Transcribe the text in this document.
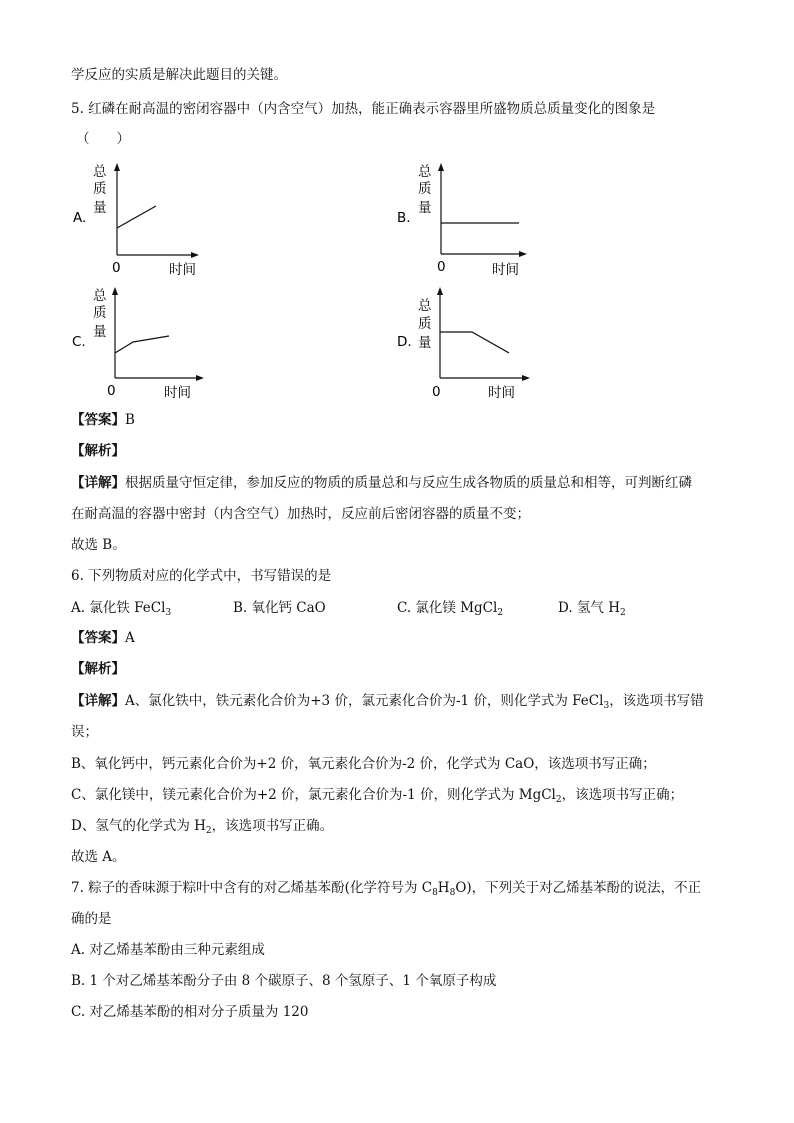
学反应的实质是解决此题目的关键。
5. 红磷在耐高温的密闭容器中（内含空气）加热，能正确表示容器里所盛物质总质量变化的图象是
（　　）
A.
总
质
量
0	时间
B.
总
质
量
0	时间
C.
总
质
量
0	时间
D.
总
质
量
0	时间
【答案】B
【解析】
【详解】根据质量守恒定律，参加反应的物质的质量总和与反应生成各物质的质量总和相等，可判断红磷
在耐高温的容器中密封（内含空气）加热时，反应前后密闭容器的质量不变；
故选 B。
6. 下列物质对应的化学式中，书写错误的是
A. 氯化铁 FeCl$_3$	B. 氧化钙 CaO	C. 氯化镁 MgCl$_2$	D. 氢气 $H_2$
【答案】A
【解析】
【详解】A、氯化铁中，铁元素化合价为+3 价，氯元素化合价为-1 价，则化学式为 FeCl$_3$，该选项书写错
误；
B、氧化钙中，钙元素化合价为+2 价，氧元素化合价为-2 价，化学式为 CaO，该选项书写正确；
C、氯化镁中，镁元素化合价为+2 价，氯元素化合价为-1 价，则化学式为 MgCl$_2$，该选项书写正确；
D、氢气的化学式为 $H_2$，该选项书写正确。
故选 A。
7. 粽子的香味源于粽叶中含有的对乙烯基苯酚(化学符号为 $C_8H_8O$)，下列关于对乙烯基苯酚的说法，不正
确的是
A. 对乙烯基苯酚由三种元素组成
B. 1 个对乙烯基苯酚分子由 8 个碳原子、8 个氢原子、1 个氧原子构成
C. 对乙烯基苯酚的相对分子质量为 120
